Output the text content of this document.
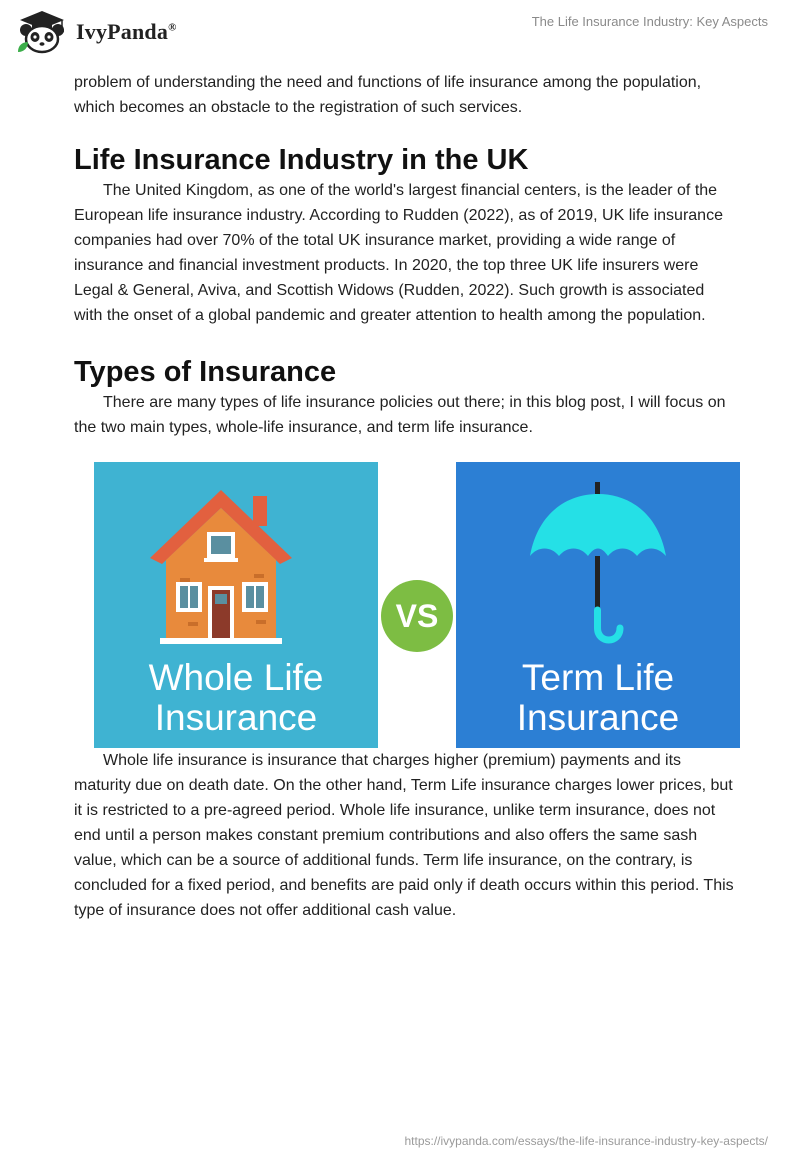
IvyPanda®	The Life Insurance Industry: Key Aspects

problem of understanding the need and functions of life insurance among the population, which becomes an obstacle to the registration of such services.

Life Insurance Industry in the UK

The United Kingdom, as one of the world's largest financial centers, is the leader of the European life insurance industry. According to Rudden (2022), as of 2019, UK life insurance companies had over 70% of the total UK insurance market, providing a wide range of insurance and financial investment products. In 2020, the top three UK life insurers were Legal & General, Aviva, and Scottish Widows (Rudden, 2022). Such growth is associated with the onset of a global pandemic and greater attention to health among the population.

Types of Insurance

There are many types of life insurance policies out there; in this blog post, I will focus on the two main types, whole-life insurance, and term life insurance.

Whole Life
Insurance
VS
Term Life
Insurance

Whole life insurance is insurance that charges higher (premium) payments and its maturity due on death date. On the other hand, Term Life insurance charges lower prices, but it is restricted to a pre-agreed period. Whole life insurance, unlike term insurance, does not end until a person makes constant premium contributions and also offers the same sash value, which can be a source of additional funds. Term life insurance, on the contrary, is concluded for a fixed period, and benefits are paid only if death occurs within this period. This type of insurance does not offer additional cash value.

https://ivypanda.com/essays/the-life-insurance-industry-key-aspects/
